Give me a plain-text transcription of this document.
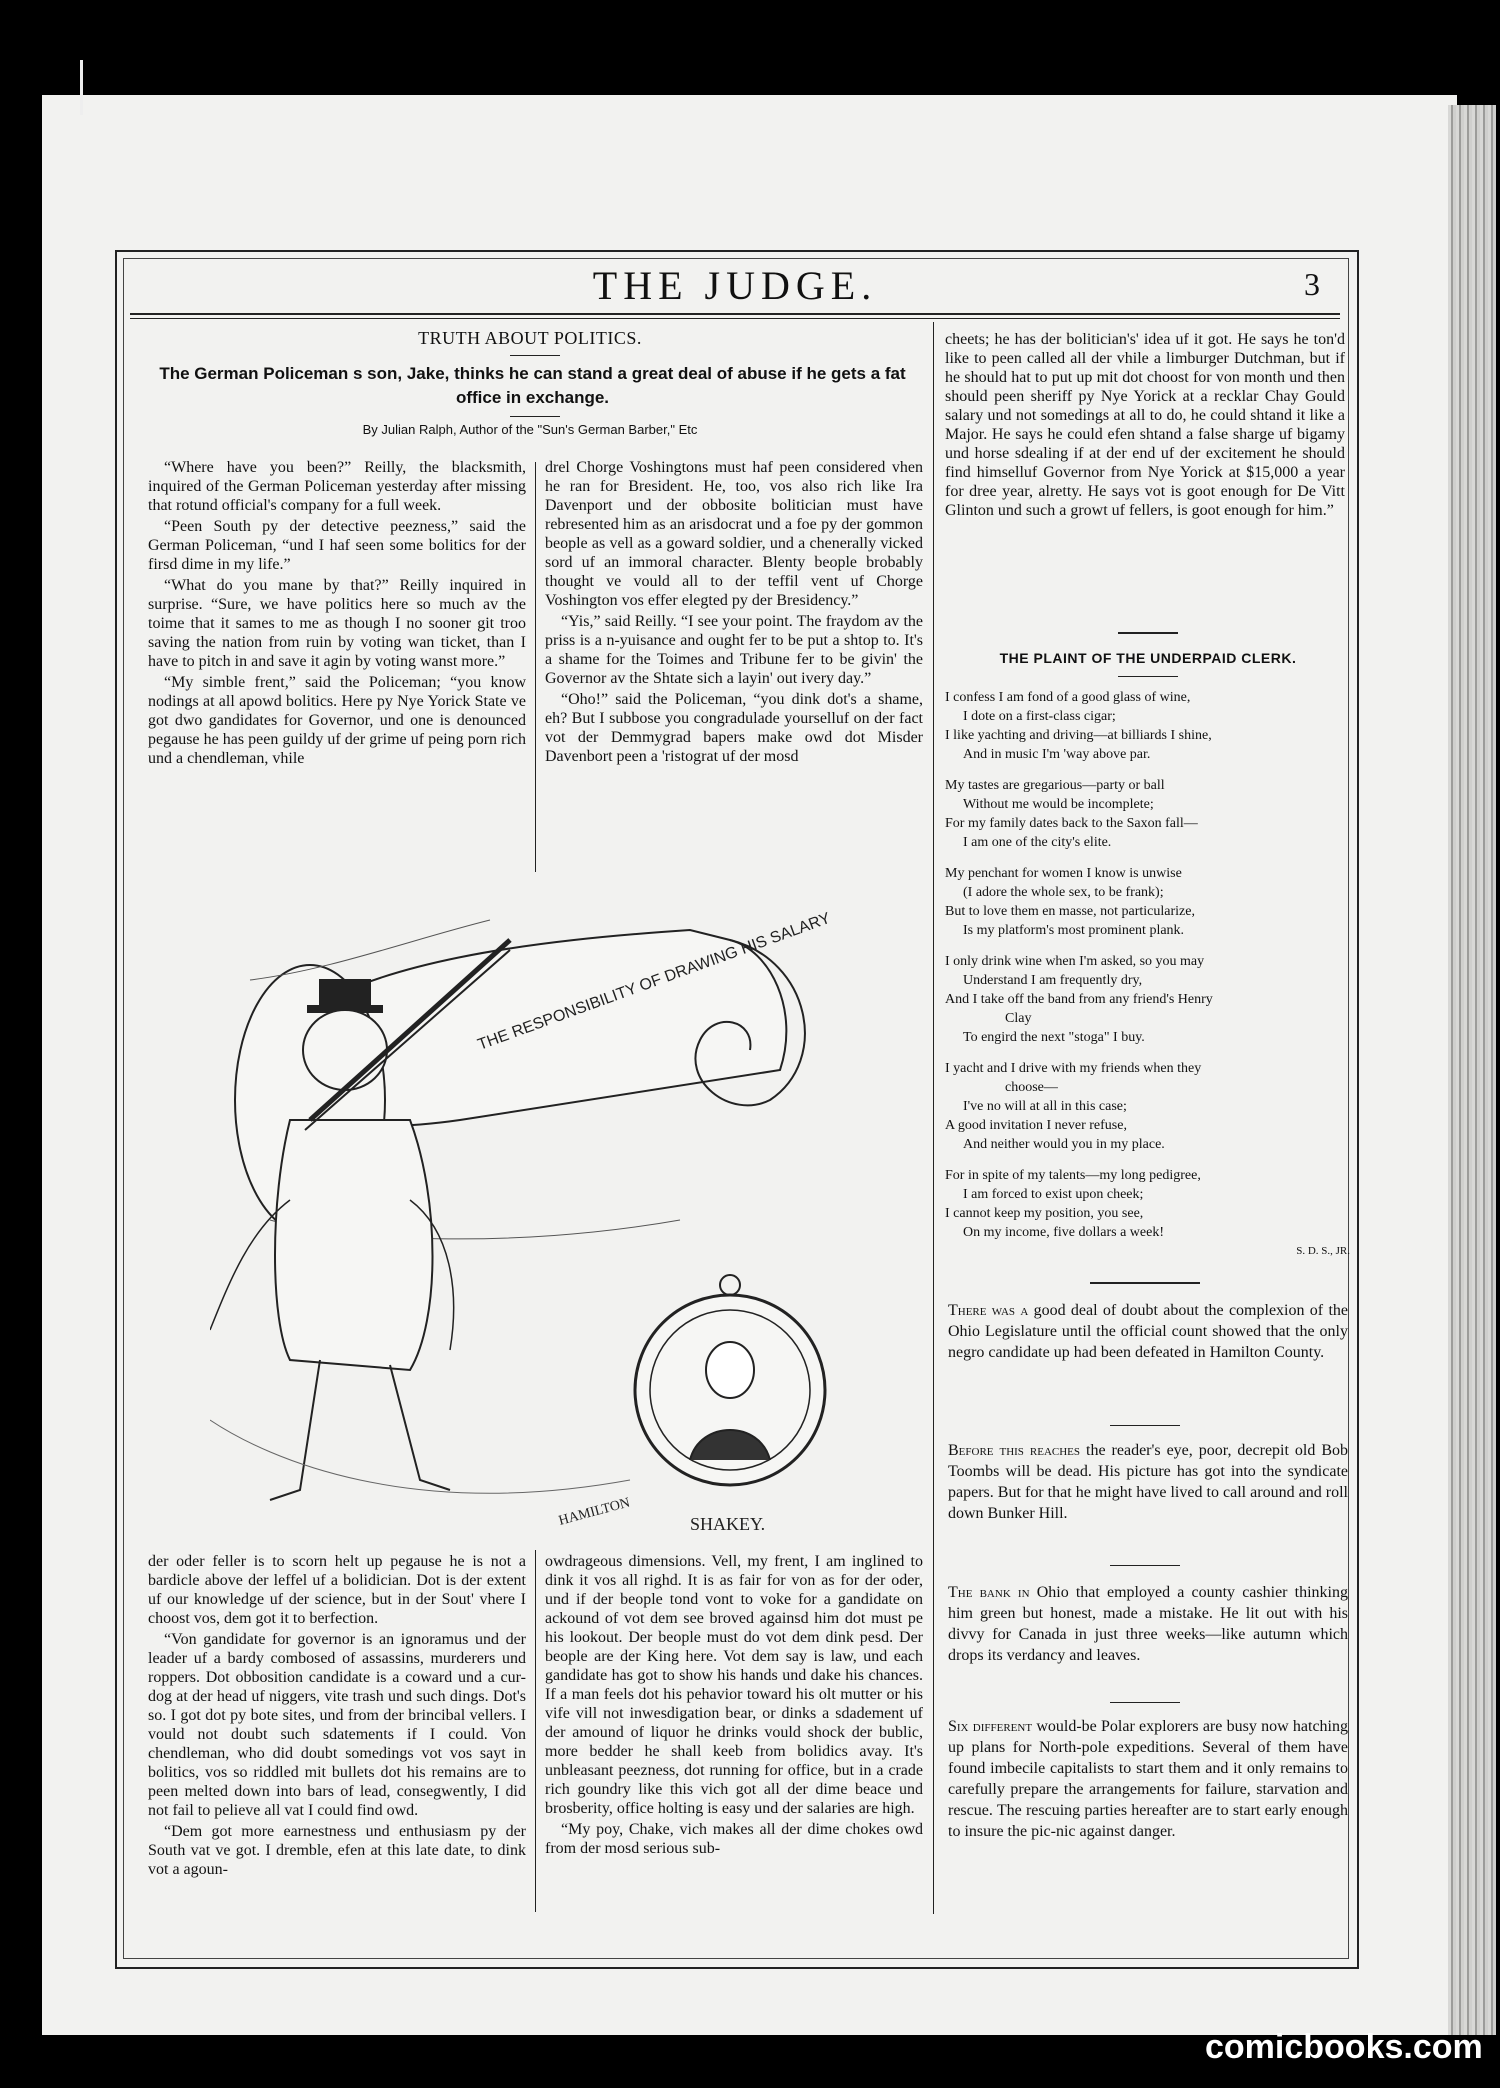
THE JUDGE.	3
TRUTH ABOUT POLITICS.
The German Policeman s son, Jake, thinks he can stand a great deal of abuse if he gets a fat office in exchange.
By Julian Ralph, Author of the "Sun's German Barber," Etc

“Where have you been?” Reilly, the blacksmith, inquired of the German Policeman yesterday after missing that rotund official's company for a full week.

“Peen South py der detective peezness,” said the German Policeman, “und I haf seen some bolitics for der firsd dime in my life.”

“What do you mane by that?” Reilly inquired in surprise. “Sure, we have politics here so much av the toime that it sames to me as though I no sooner git troo saving the nation from ruin by voting wan ticket, than I have to pitch in and save it agin by voting wanst more.”

“My simble frent,” said the Policeman; “you know nodings at all apowd bolitics. Here py Nye Yorick State ve got dwo gandidates for Governor, und one is denounced pegause he has peen guildy uf der grime uf peing porn rich und a chendleman, vhile

drel Chorge Voshingtons must haf peen considered vhen he ran for Bresident. He, too, vos also rich like Ira Davenport und der obbosite bolitician must have rebresented him as an arisdocrat und a foe py der gommon beople as vell as a goward soldier, und a chenerally vicked sord uf an immoral character. Blenty beople brobably thought ve vould all to der teffil vent uf Chorge Voshington vos effer elegted py der Bresidency.”

“Yis,” said Reilly. “I see your point. The fraydom av the priss is a n-yuisance and ought fer to be put a shtop to. It's a shame for the Toimes and Tribune fer to be givin' the Governor av the Shtate sich a layin' out ivery day.”

“Oho!” said the Policeman, “you dink dot's a shame, eh? But I subbose you congradulade yourselluf on der fact vot der Demmygrad bapers make owd dot Misder Davenbort peen a 'ristograt uf der mosd

cheets; he has der bolitician's' idea uf it got. He says he ton'd like to peen called all der vhile a limburger Dutchman, but if he should hat to put up mit dot choost for von month und then should peen sheriff py Nye Yorick at a recklar Chay Gould salary und not somedings at all to do, he could shtand it like a Major. He says he could efen shtand a false sharge uf bigamy und horse sdealing if at der end uf der excitement he should find himselluf Governor from Nye Yorick at $15,000 a year for dree year, alretty. He says vot is goot enough for De Vitt Glinton und such a growt uf fellers, is goot enough for him.”

THE PLAINT OF THE UNDERPAID CLERK.
I confess I am fond of a good glass of wine,
I dote on a first-class cigar;
I like yachting and driving—at billiards I shine,
And in music I'm 'way above par.
My tastes are gregarious—party or ball
Without me would be incomplete;
For my family dates back to the Saxon fall—
I am one of the city's elite.
My penchant for women I know is unwise
(I adore the whole sex, to be frank);
But to love them en masse, not particularize,
Is my platform's most prominent plank.
I only drink wine when I'm asked, so you may
Understand I am frequently dry,
And I take off the band from any friend's Henry
Clay
To engird the next "stoga" I buy.
I yacht and I drive with my friends when they
choose—
I've no will at all in this case;
A good invitation I never refuse,
And neither would you in my place.
For in spite of my talents—my long pedigree,
I am forced to exist upon cheek;
I cannot keep my position, you see,
On my income, five dollars a week!
S. D. S., JR.
There was a good deal of doubt about the complexion of the Ohio Legislature until the official count showed that the only negro candidate up had been defeated in Hamilton County.
Before this reaches the reader's eye, poor, decrepit old Bob Toombs will be dead. His picture has got into the syndicate papers. But for that he might have lived to call around and roll down Bunker Hill.
The bank in Ohio that employed a county cashier thinking him green but honest, made a mistake. He lit out with his divvy for Canada in just three weeks—like autumn which drops its verdancy and leaves.
Six different would-be Polar explorers are busy now hatching up plans for North-pole expeditions. Several of them have found imbecile capitalists to start them and it only remains to carefully prepare the arrangements for failure, starvation and rescue. The rescuing parties hereafter are to start early enough to insure the pic-nic against danger.
THE RESPONSIBILITY OF DRAWING HIS SALARY
HAMILTON	SHAKEY.

der oder feller is to scorn helt up pegause he is not a bardicle above der leffel uf a bolidician. Dot is der extent uf our knowledge uf der science, but in der Sout' vhere I choost vos, dem got it to berfection.

“Von gandidate for governor is an ignoramus und der leader uf a bardy combosed of assassins, murderers und roppers. Dot obbosition candidate is a coward und a cur-dog at der head uf niggers, vite trash und such dings. Dot's so. I got dot py bote sites, und from der brincibal vellers. I vould not doubt such sdatements if I could. Von chendleman, who did doubt somedings vot vos sayt in bolitics, vos so riddled mit bullets dot his remains are to peen melted down into bars of lead, consegwently, I did not fail to pelieve all vat I could find owd.

“Dem got more earnestness und enthusiasm py der South vat ve got. I dremble, efen at this late date, to dink vot a agoun-

owdrageous dimensions. Vell, my frent, I am inglined to dink it vos all righd. It is as fair for von as for der oder, und if der beople tond vont to voke for a gandidate on ackound of vot dem see broved againsd him dot must pe his lookout. Der beople must do vot dem dink pesd. Der beople are der King here. Vot dem say is law, und each gandidate has got to show his hands und dake his chances. If a man feels dot his pehavior toward his olt mutter or his vife vill not inwesdigation bear, or dinks a sdadement uf der amound of liquor he drinks vould shock der bublic, more bedder he shall keeb from bolidics avay. It's unbleasant peezness, dot running for office, but in a crade rich goundry like this vich got all der dime beace und brosberity, office holting is easy und der salaries are high.

“My poy, Chake, vich makes all der dime chokes owd from der mosd serious sub-

comicbooks.com
